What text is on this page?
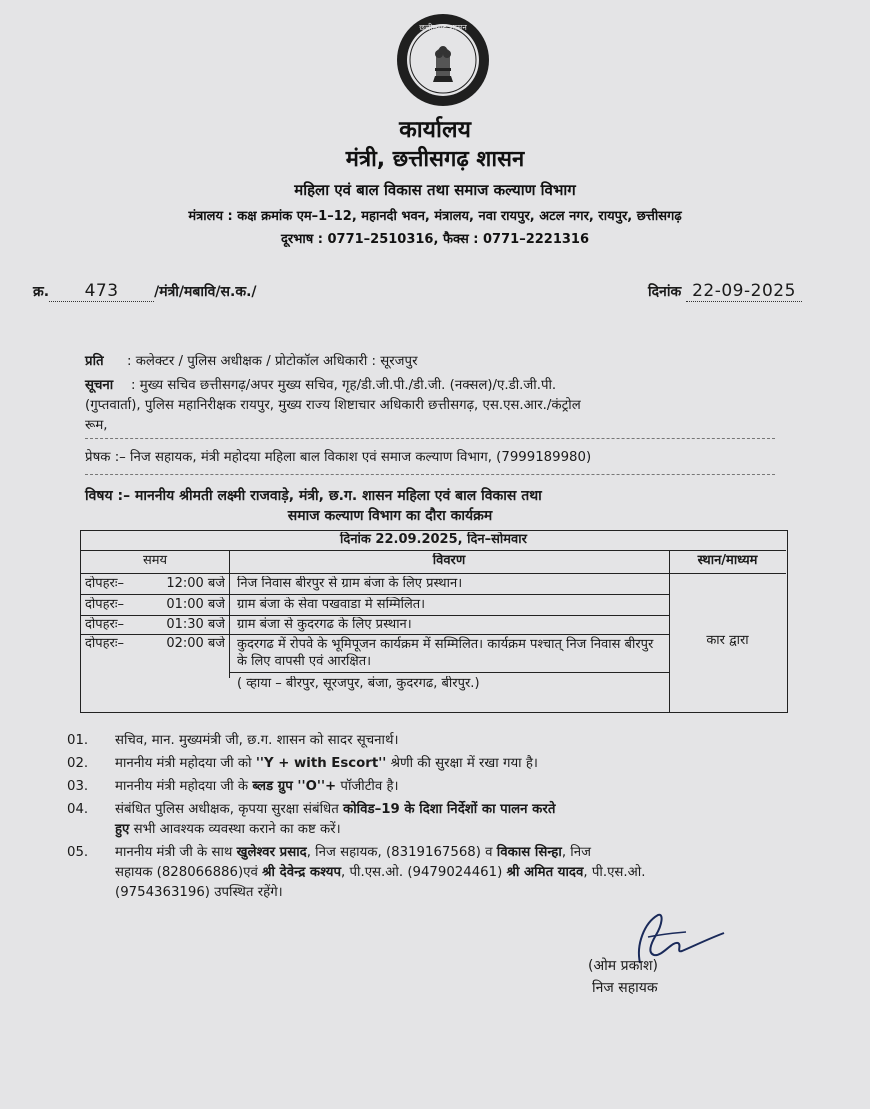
छत्तीसगढ़ शासन
कार्यालय
मंत्री, छत्तीसगढ़ शासन
महिला एवं बाल विकास तथा समाज कल्याण विभाग
मंत्रालय : कक्ष क्रमांक एम–1–12, महानदी भवन, मंत्रालय, नवा रायपुर, अटल नगर, रायपुर, छत्तीसगढ़
दूरभाष : 0771–2510316, फैक्स : 0771–2221316
क्र. 473	/मंत्री/मबावि/स.क./	दिनांक 22-09-2025
प्रति : कलेक्टर / पुलिस अधीक्षक / प्रोटोकॉल अधिकारी : सूरजपुर
सूचना : मुख्य सचिव छत्तीसगढ़/अपर मुख्य सचिव, गृह/डी.जी.पी./डी.जी. (नक्सल)/ए.डी.जी.पी.
(गुप्तवार्ता), पुलिस महानिरीक्षक रायपुर, मुख्य राज्य शिष्टाचार अधिकारी छत्तीसगढ़, एस.एस.आर./कंट्रोल
रूम,
प्रेषक :– निज सहायक, मंत्री महोदया महिला बाल विकाश एवं समाज कल्याण विभाग, (7999189980)
विषय :– माननीय श्रीमती लक्ष्मी राजवाड़े, मंत्री, छ.ग. शासन महिला एवं बाल विकास तथा
समाज कल्याण विभाग का दौरा कार्यक्रम
दिनांक 22.09.2025, दिन–सोमवार
समय	विवरण	स्थान/माध्यम
दोपहरः–	12:00 बजे निज निवास बीरपुर से ग्राम बंजा के लिए प्रस्थान।
दोपहरः–	01:00 बजे ग्राम बंजा के सेवा पखवाडा मे सम्मिलित।
दोपहरः–	01:30 बजे ग्राम बंजा से कुदरगढ के लिए प्रस्थान।
दोपहरः–	02:00 बजे कुदरगढ में रोपवे के भूमिपूजन कार्यक्रम में सम्मिलित। कार्यक्रम पश्चात् निज निवास बीरपुर के लिए वापसी एवं आरक्षित।
( व्हाया – बीरपुर, सूरजपुर, बंजा, कुदरगढ, बीरपुर.)
कार द्वारा
01. सचिव, मान. मुख्यमंत्री जी, छ.ग. शासन को सादर सूचनार्थ।
02. माननीय मंत्री महोदया जी को ''Y + with Escort'' श्रेणी की सुरक्षा में रखा गया है।
03. माननीय मंत्री महोदया जी के ब्लड ग्रुप ''O''+ पॉजीटीव है।
04. संबंधित पुलिस अधीक्षक, कृपया सुरक्षा संबंधित कोविड–19 के दिशा निर्देशों का पालन करते
हुए सभी आवश्यक व्यवस्था कराने का कष्ट करें।
05. माननीय मंत्री जी के साथ खुलेश्वर प्रसाद, निज सहायक, (8319167568) व विकास सिन्हा, निज
सहायक (828066886)एवं श्री देवेन्द्र कश्यप, पी.एस.ओ. (9479024461) श्री अमित यादव, पी.एस.ओ.
(9754363196) उपस्थित रहेंगे।
(ओम प्रकाश)
निज सहायक
